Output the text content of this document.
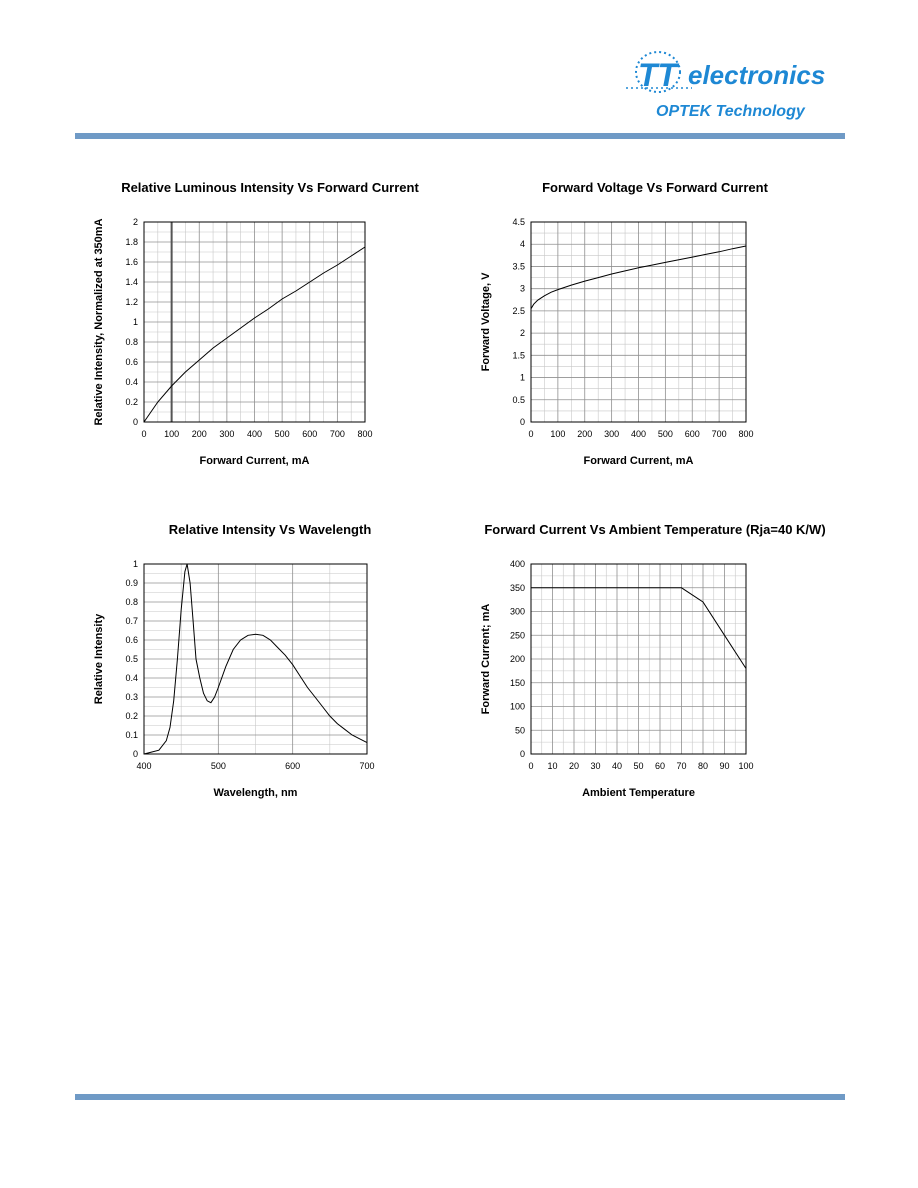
TT electronics
OPTEK Technology
Relative Luminous Intensity Vs Forward Current
0 100 200 300 400 500 600 700 800
0
0.2
0.4
0.6
0.8
1
1.2
1.4
1.6
1.8
2
Forward Current, mA
Relative Intensity, Normalized at 350mA
Forward Voltage Vs Forward Current
0 100 200 300 400 500 600 700 800
0
0.5
1
1.5
2
2.5
3
3.5
4
4.5
Forward Current, mA
Forward Voltage, V
Relative Intensity Vs Wavelength
400	500	600	700
0
0.1
0.2
0.3
0.4
0.5
0.6
0.7
0.8
0.9
1
Wavelength, nm
Relative Intensity
Forward Current Vs Ambient Temperature (Rja=40 K/W)
0 10 20 30 40 50 60 70 80 90 100
0
50
100
150
200
250
300
350
400
Ambient Temperature
Forward Current; mA
